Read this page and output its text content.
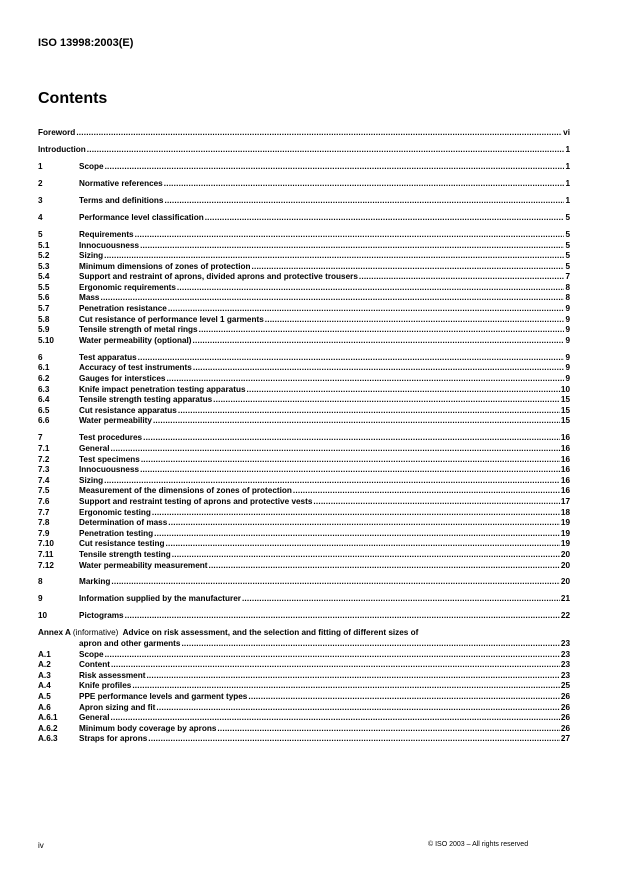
ISO 13998:2003(E)
Contents
Foreword .....	vi
Introduction .....	1
1	Scope .....	1
2	Normative references .....	1
3	Terms and definitions .....	1
4	Performance level classification .....	5
5	Requirements .....	5
5.1	Innocuousness .....	5
5.2	Sizing .....	5
5.3	Minimum dimensions of zones of protection .....	5
5.4	Support and restraint of aprons, divided aprons and protective trousers .....	7
5.5	Ergonomic requirements .....	8
5.6	Mass .....	8
5.7	Penetration resistance .....	9
5.8	Cut resistance of performance level 1 garments .....	9
5.9	Tensile strength of metal rings .....	9
5.10	Water permeability (optional) .....	9
6	Test apparatus .....	9
6.1	Accuracy of test instruments .....	9
6.2	Gauges for interstices .....	9
6.3	Knife impact penetration testing apparatus .....	10
6.4	Tensile strength testing apparatus .....	15
6.5	Cut resistance apparatus .....	15
6.6	Water permeability .....	15
7	Test procedures .....	16
7.1	General .....	16
7.2	Test specimens .....	16
7.3	Innocuousness .....	16
7.4	Sizing .....	16
7.5	Measurement of the dimensions of zones of protection .....	16
7.6	Support and restraint testing of aprons and protective vests .....	17
7.7	Ergonomic testing .....	18
7.8	Determination of mass .....	19
7.9	Penetration testing .....	19
7.10	Cut resistance testing .....	19
7.11	Tensile strength testing .....	20
7.12	Water permeability measurement .....	20
8	Marking .....	20
9	Information supplied by the manufacturer .....	21
10	Pictograms .....	22
Annex A (informative) Advice on risk assessment, and the selection and fitting of different sizes of
apron and other garments .....	23
A.1	Scope .....	23
A.2	Content .....	23
A.3	Risk assessment .....	23
A.4	Knife profiles .....	25
A.5	PPE performance levels and garment types .....	26
A.6	Apron sizing and fit .....	26
A.6.1	General .....	26
A.6.2	Minimum body coverage by aprons .....	26
A.6.3	Straps for aprons .....	27
iv	© ISO 2003 – All rights reserved
